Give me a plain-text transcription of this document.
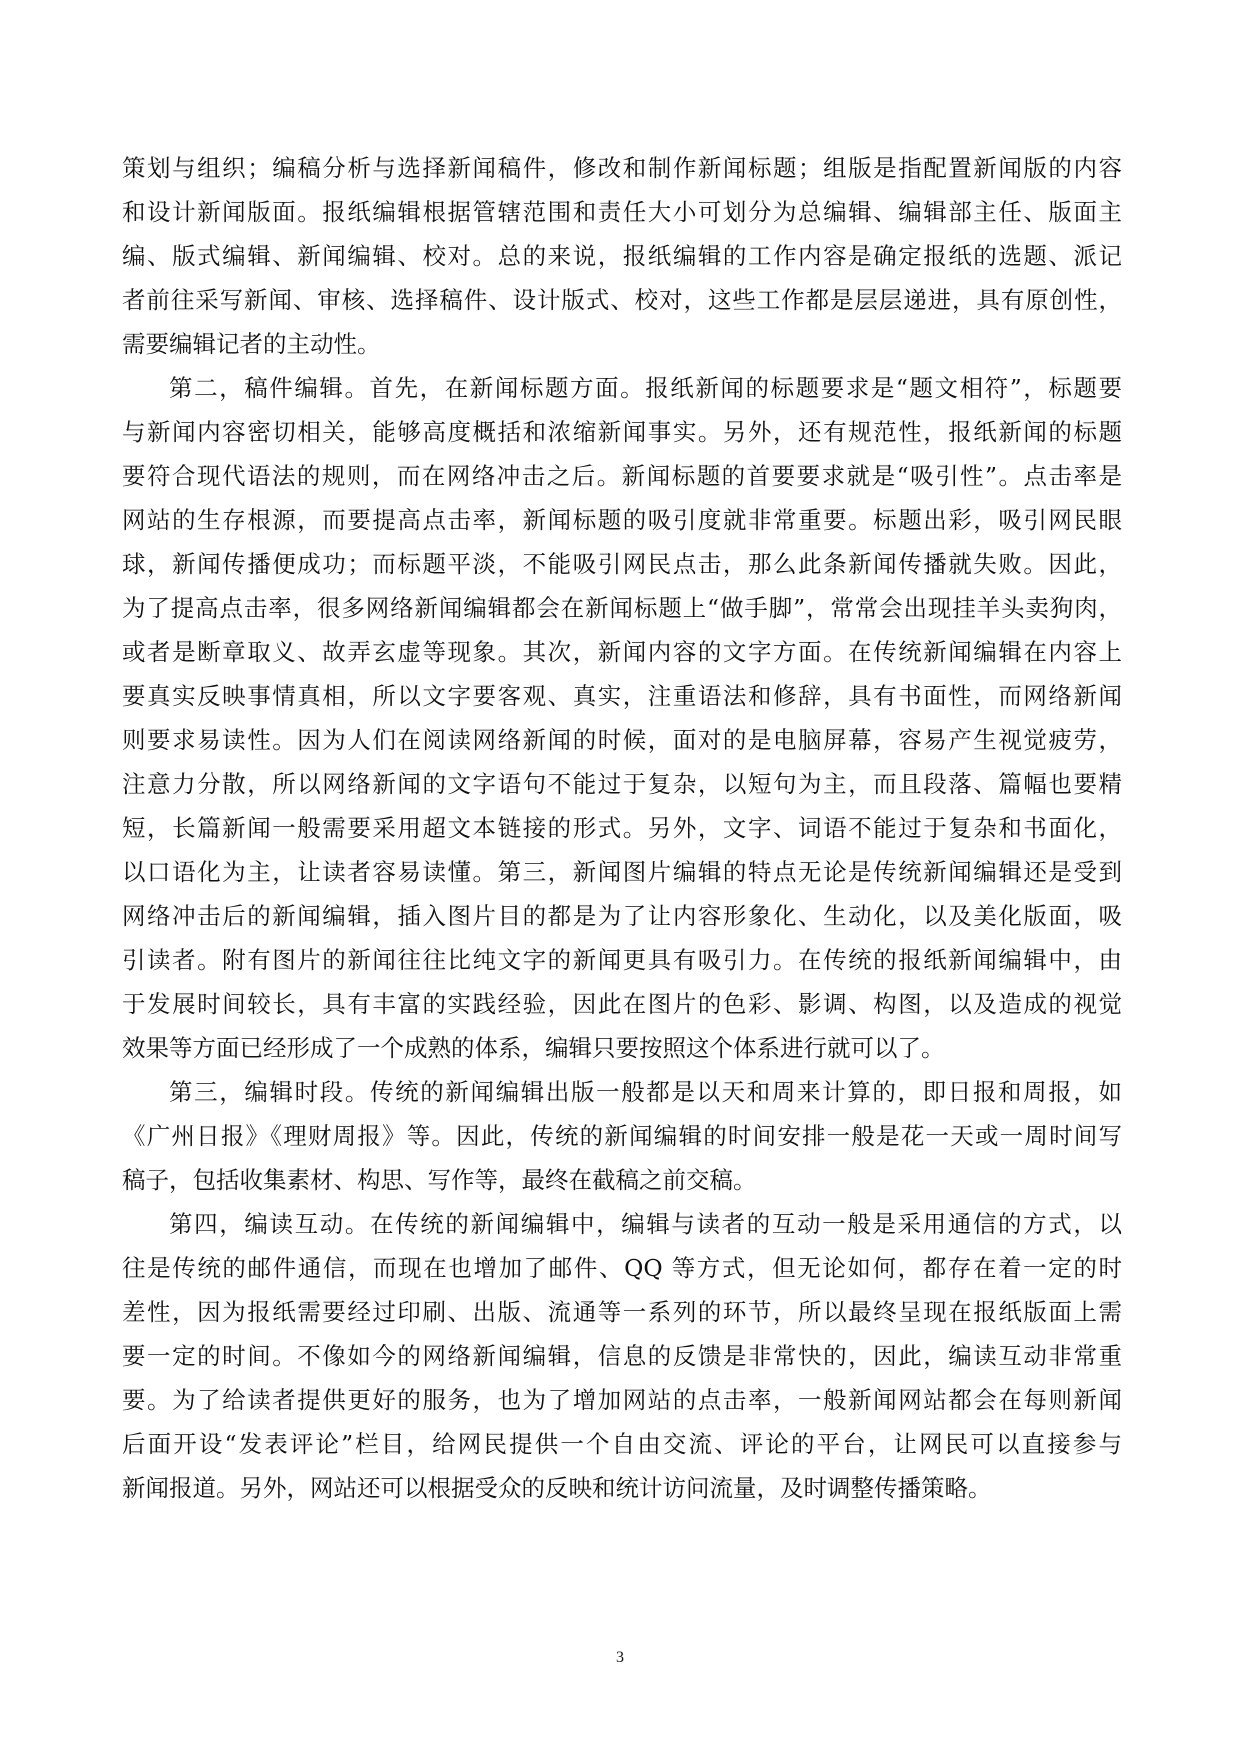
策划与组织；编稿分析与选择新闻稿件，修改和制作新闻标题；组版是指配置新闻版的内容
和设计新闻版面。报纸编辑根据管辖范围和责任大小可划分为总编辑、编辑部主任、版面主
编、版式编辑、新闻编辑、校对。总的来说，报纸编辑的工作内容是确定报纸的选题、派记
者前往采写新闻、审核、选择稿件、设计版式、校对，这些工作都是层层递进，具有原创性，
需要编辑记者的主动性。
第二，稿件编辑。首先，在新闻标题方面。报纸新闻的标题要求是“题文相符”，标题要
与新闻内容密切相关，能够高度概括和浓缩新闻事实。另外，还有规范性，报纸新闻的标题
要符合现代语法的规则，而在网络冲击之后。新闻标题的首要要求就是“吸引性”。点击率是
网站的生存根源，而要提高点击率，新闻标题的吸引度就非常重要。标题出彩，吸引网民眼
球，新闻传播便成功；而标题平淡，不能吸引网民点击，那么此条新闻传播就失败。因此，
为了提高点击率，很多网络新闻编辑都会在新闻标题上“做手脚”，常常会出现挂羊头卖狗肉，
或者是断章取义、故弄玄虚等现象。其次，新闻内容的文字方面。在传统新闻编辑在内容上
要真实反映事情真相，所以文字要客观、真实，注重语法和修辞，具有书面性，而网络新闻
则要求易读性。因为人们在阅读网络新闻的时候，面对的是电脑屏幕，容易产生视觉疲劳，
注意力分散，所以网络新闻的文字语句不能过于复杂，以短句为主，而且段落、篇幅也要精
短，长篇新闻一般需要采用超文本链接的形式。另外，文字、词语不能过于复杂和书面化，
以口语化为主，让读者容易读懂。第三，新闻图片编辑的特点无论是传统新闻编辑还是受到
网络冲击后的新闻编辑，插入图片目的都是为了让内容形象化、生动化，以及美化版面，吸
引读者。附有图片的新闻往往比纯文字的新闻更具有吸引力。在传统的报纸新闻编辑中，由
于发展时间较长，具有丰富的实践经验，因此在图片的色彩、影调、构图，以及造成的视觉
效果等方面已经形成了一个成熟的体系，编辑只要按照这个体系进行就可以了。
第三，编辑时段。传统的新闻编辑出版一般都是以天和周来计算的，即日报和周报，如
《广州日报》《理财周报》等。因此，传统的新闻编辑的时间安排一般是花一天或一周时间写
稿子，包括收集素材、构思、写作等，最终在截稿之前交稿。
第四，编读互动。在传统的新闻编辑中，编辑与读者的互动一般是采用通信的方式，以
往是传统的邮件通信，而现在也增加了邮件、QQ 等方式，但无论如何，都存在着一定的时
差性，因为报纸需要经过印刷、出版、流通等一系列的环节，所以最终呈现在报纸版面上需
要一定的时间。不像如今的网络新闻编辑，信息的反馈是非常快的，因此，编读互动非常重
要。为了给读者提供更好的服务，也为了增加网站的点击率，一般新闻网站都会在每则新闻
后面开设“发表评论”栏目，给网民提供一个自由交流、评论的平台，让网民可以直接参与
新闻报道。另外，网站还可以根据受众的反映和统计访问流量，及时调整传播策略。
3
